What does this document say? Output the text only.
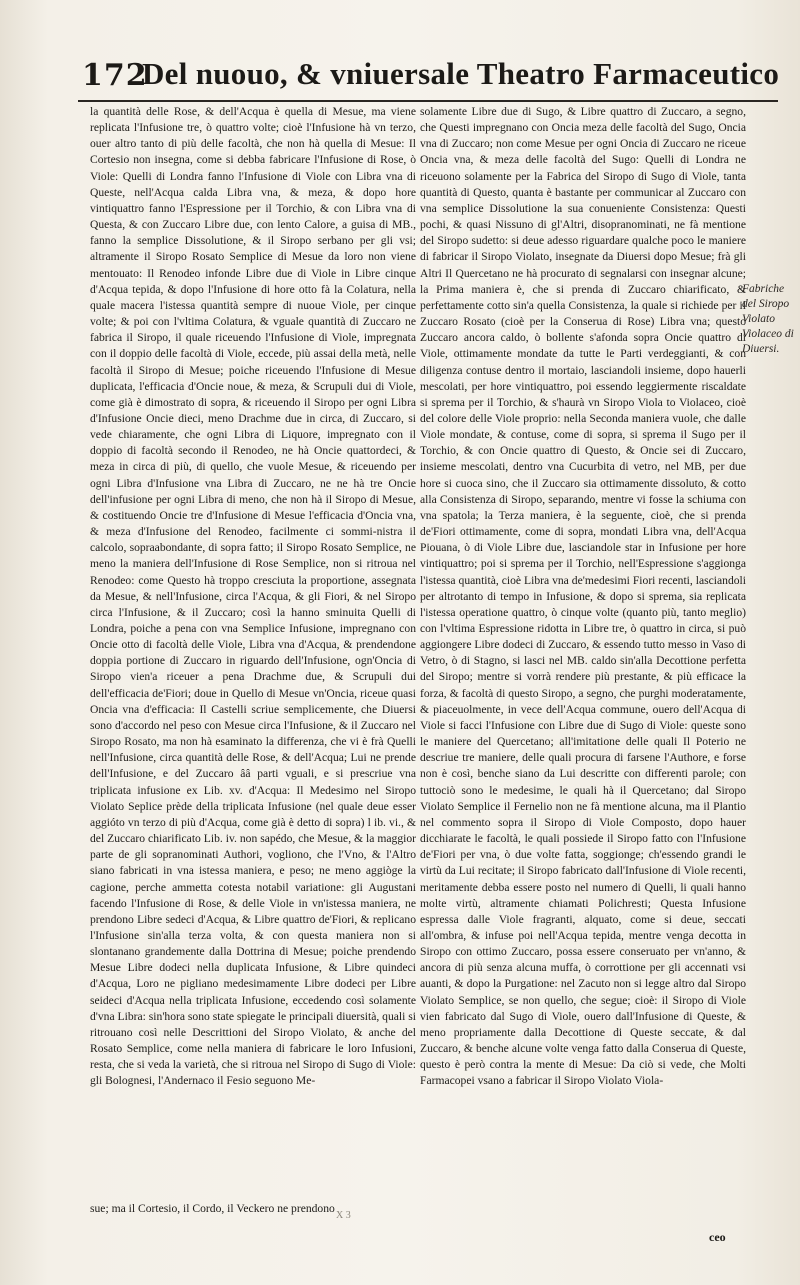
172
Del nuouo, & vniuersale Theatro Farmaceutico

la quantità delle Rose, & dell'Acqua è quella di Mesue, ma viene replicata l'Infusione tre, ò quattro volte; cioè l'Infusione hà vn terzo, ouer altro tanto di più delle facoltà, che non hà quella di Mesue: Il Cortesio non insegna, come si debba fabricare l'Infusione di Rose, ò Viole: Quelli di Londra fanno l'Infusione di Viole con Libra vna di Queste, nell'Acqua calda Libra vna, & meza, & dopo hore vintiquattro fanno l'Espressione per il Torchio, & con Libra vna di Questa, & con Zuccaro Libre due, con lento Calore, a guisa di MB., fanno la semplice Dissolutione, & il Siropo serbano per gli vsi; altramente il Siropo Rosato Semplice di Mesue da loro non viene mentouato: Il Renodeo infonde Libre due di Viole in Libre cinque d'Acqua tepida, & dopo l'Infusione di hore otto fà la Colatura, nella quale macera l'istessa quantità sempre di nuoue Viole, per cinque volte; & poi con l'vltima Colatura, & vguale quantità di Zuccaro ne fabrica il Siropo, il quale riceuendo l'Infusione di Viole, impregnata con il doppio delle facoltà di Viole, eccede, più assai della metà, nelle facoltà il Siropo di Mesue; poiche riceuendo l'Infusione di Mesue duplicata, l'efficacia d'Oncie noue, & meza, & Scrupuli dui di Viole, come già è dimostrato di sopra, & riceuendo il Siropo per ogni Libra d'Infusione Oncie dieci, meno Drachme due in circa, di Zuccaro, si vede chiaramente, che ogni Libra di Liquore, impregnato con il doppio di facoltà secondo il Renodeo, ne hà Oncie quattordeci, & meza in circa di più, di quello, che vuole Mesue, & riceuendo per ogni Libra d'Infusione vna Libra di Zuccaro, ne ne hà tre Oncie dell'infusione per ogni Libra di meno, che non hà il Siropo di Mesue, & costituendo Oncie tre d'Infusione di Mesue l'efficacia d'Oncia vna, & meza d'Infusione del Renodeo, facilmente ci sommi-nistra il calcolo, sopraabondante, di sopra fatto; il Siropo Rosato Semplice, ne meno la maniera dell'Infusione di Rose Semplice, non si ritroua nel Renodeo: come Questo hà troppo cresciuta la proportione, assegnata da Mesue, & nell'Infusione, circa l'Acqua, & gli Fiori, & nel Siropo circa l'Infusione, & il Zuccaro; così la hanno sminuita Quelli di Londra, poiche a pena con vna Semplice Infusione, impregnano con Oncie otto di facoltà delle Viole, Libra vna d'Acqua, & prendendone doppia portione di Zuccaro in riguardo dell'Infusione, ogn'Oncia di Siropo vien'a riceuer a pena Drachme due, & Scrupuli dui dell'efficacia de'Fiori; doue in Quello di Mesue vn'Oncia, riceue quasi Oncia vna d'efficacia: Il Castelli scriue semplicemente, che Diuersi sono d'accordo nel peso con Mesue circa l'Infusione, & il Zuccaro nel Siropo Rosato, ma non hà esaminato la differenza, che vi è frà Quelli nell'Infusione, circa quantità delle Rose, & dell'Acqua; Lui ne prende dell'Infusione, e del Zuccaro ââ parti vguali, e si prescriue vna triplicata infusione ex Lib. xv. d'Acqua: Il Medesimo nel Siropo Violato Seplice prède della triplicata Infusione (nel quale deue esser aggióto vn terzo di più d'Acqua, come già è detto di sopra) l ib. vi., & del Zuccaro chiarificato Lib. iv. non sapédo, che Mesue, & la maggior parte de gli sopranominati Authori, vogliono, che l'Vno, & l'Altro siano fabricati in vna istessa maniera, e peso; ne meno aggiòge la cagione, perche ammetta cotesta notabil variatione: gli Augustani facendo l'Infusione di Rose, & delle Viole in vn'istessa maniera, ne prendono Libre sedeci d'Acqua, & Libre quattro de'Fiori, & replicano l'Infusione sin'alla terza volta, & con questa maniera non si slontanano grandemente dalla Dottrina di Mesue; poiche prendendo Mesue Libre dodeci nella duplicata Infusione, & Libre quindeci d'Acqua, Loro ne pigliano medesimamente Libre dodeci per Libre seideci d'Acqua nella triplicata Infusione, eccedendo così solamente d'vna Libra: sin'hora sono state spiegate le principali diuersità, quali si ritrouano così nelle Descrittioni del Siropo Violato, & anche del Rosato Semplice, come nella maniera di fabricare le loro Infusioni, resta, che si veda la varietà, che si ritroua nel Siropo di Sugo di Viole: gli Bolognesi, l'Andernaco il Fesio seguono Me-

solamente Libre due di Sugo, & Libre quattro di Zuccaro, a segno, che Questi impregnano con Oncia meza delle facoltà del Sugo, Oncia vna di Zuccaro; non come Mesue per ogni Oncia di Zuccaro ne riceue Oncia vna, & meza delle facoltà del Sugo: Quelli di Londra ne riceuono solamente per la Fabrica del Siropo di Sugo di Viole, tanta quantità di Questo, quanta è bastante per communicar al Zuccaro con vna semplice Dissolutione la sua conueniente Consistenza: Questi pochi, & quasi Nissuno di gl'Altri, disopranominati, ne fà mentione del Siropo sudetto: si deue adesso riguardare qualche poco le maniere di fabricar il Siropo Violato, insegnate da Diuersi dopo Mesue; frà gli Altri Il Quercetano ne hà procurato di segnalarsi con insegnar alcune; la Prima maniera è, che si prenda di Zuccaro chiarificato, & perfettamente cotto sin'a quella Consistenza, la quale si richiede per il Zuccaro Rosato (cioè per la Conserua di Rose) Libra vna; questo Zuccaro ancora caldo, ò bollente s'afonda sopra Oncie quattro di Viole, ottimamente mondate da tutte le Parti verdeggianti, & con diligenza contuse dentro il mortaio, lasciandoli insieme, dopo hauerli mescolati, per hore vintiquattro, poi essendo leggiermente riscaldate si sprema per il Torchio, & s'haurà vn Siropo Viola to Violaceo, cioè del colore delle Viole proprio: nella Seconda maniera vuole, che dalle Viole mondate, & contuse, come di sopra, si sprema il Sugo per il Torchio, & con Oncie quattro di Questo, & Oncie sei di Zuccaro, insieme mescolati, dentro vna Cucurbita di vetro, nel MB, per due hore si cuoca sino, che il Zuccaro sia ottimamente dissoluto, & cotto alla Consistenza di Siropo, separando, mentre vi fosse la schiuma con vna spatola; la Terza maniera, è la seguente, cioè, che si prenda de'Fiori ottimamente, come di sopra, mondati Libra vna, dell'Acqua Piouana, ò di Viole Libre due, lasciandole star in Infusione per hore vintiquattro; poi si sprema per il Torchio, nell'Espressione s'aggionga l'istessa quantità, cioè Libra vna de'medesimi Fiori recenti, lasciandoli per altrotanto di tempo in Infusione, & dopo si sprema, sia replicata l'istessa operatione quattro, ò cinque volte (quanto più, tanto meglio) con l'vltima Espressione ridotta in Libre tre, ò quattro in circa, si può aggiongere Libre dodeci di Zuccaro, & essendo tutto messo in Vaso di Vetro, ò di Stagno, si lasci nel MB. caldo sin'alla Decottione perfetta del Siropo; mentre si vorrà rendere più prestante, & più efficace la forza, & facoltà di questo Siropo, a segno, che purghi moderatamente, & piaceuolmente, in vece dell'Acqua commune, ouero dell'Acqua di Viole si facci l'Infusione con Libre due di Sugo di Viole: queste sono le maniere del Quercetano; all'imitatione delle quali Il Poterio ne descriue tre maniere, delle quali procura di farsene l'Authore, e forse non è così, benche siano da Lui descritte con differenti parole; con tuttociò sono le medesime, le quali hà il Quercetano; dal Siropo Violato Semplice il Fernelio non ne fà mentione alcuna, ma il Plantio nel commento sopra il Siropo di Viole Composto, dopo hauer dicchiarate le facoltà, le quali possiede il Siropo fatto con l'Infusione de'Fiori per vna, ò due volte fatta, soggionge; ch'essendo grandi le virtù da Lui recitate; il Siropo fabricato dall'Infusione di Viole recenti, meritamente debba essere posto nel numero di Quelli, li quali hanno molte virtù, altramente chiamati Polichresti; Questa Infusione espressa dalle Viole fragranti, alquato, come si deue, seccati all'ombra, & infuse poi nell'Acqua tepida, mentre venga decotta in Siropo con ottimo Zuccaro, possa essere conseruato per vn'anno, & ancora di più senza alcuna muffa, ò corrottione per gli accennati vsi auanti, & dopo la Purgatione: nel Zacuto non si legge altro dal Siropo Violato Semplice, se non quello, che segue; cioè: il Siropo di Viole vien fabricato dal Sugo di Viole, ouero dall'Infusione di Queste, & meno propriamente dalla Decottione di Queste seccate, & dal Zuccaro, & benche alcune volte venga fatto dalla Conserua di Queste, questo è però contra la mente di Mesue: Da ciò si vede, che Molti Farmacopei vsano a fabricar il Siropo Violato Viola-

Fabriche del Siropo Violato Violaceo di Diuersi.
sue; ma il Cortesio, il Cordo, il Veckero ne prendono
X 3
ceo
